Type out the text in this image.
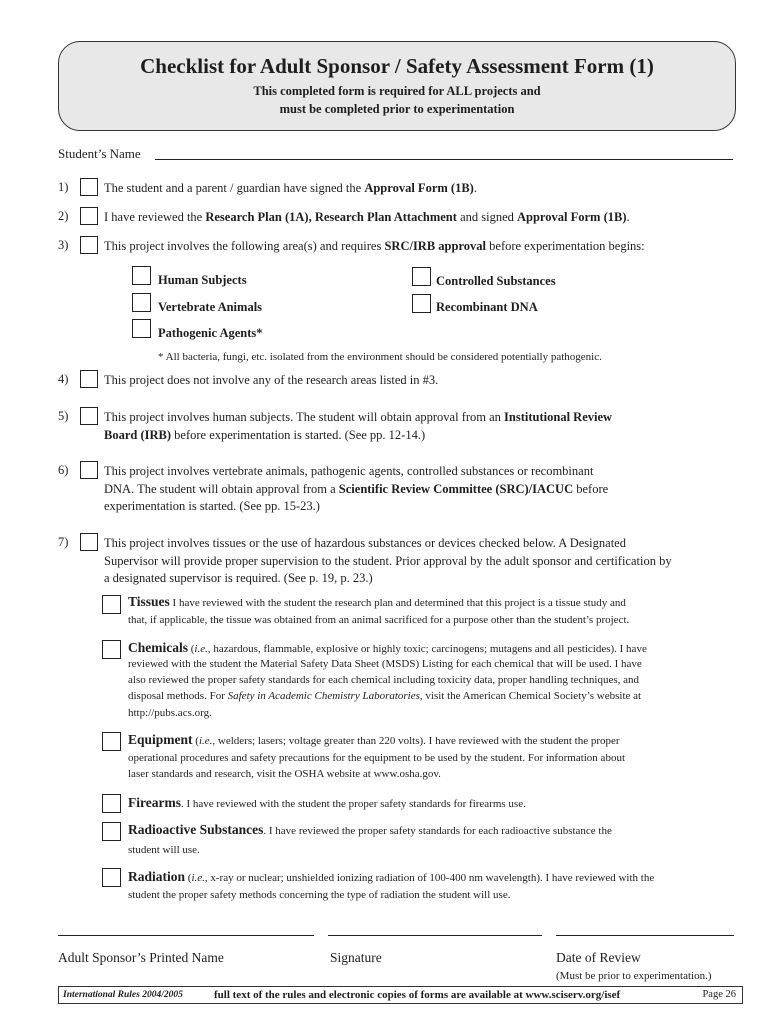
Checklist for Adult Sponsor / Safety Assessment Form (1)
This completed form is required for ALL projects and
must be completed prior to experimentation
Student’s Name
1)	The student and a parent / guardian have signed the Approval Form (1B).
2)	I have reviewed the Research Plan (1A), Research Plan Attachment and signed Approval Form (1B).
3)	This project involves the following area(s) and requires SRC/IRB approval before experimentation begins:
Human Subjects
Vertebrate Animals
Pathogenic Agents*
Controlled Substances
Recombinant DNA
* All bacteria, fungi, etc. isolated from the environment should be considered potentially pathogenic.
4)	This project does not involve any of the research areas listed in #3.
5)	This project involves human subjects. The student will obtain approval from an Institutional Review
Board (IRB) before experimentation is started. (See pp. 12-14.)
6)	This project involves vertebrate animals, pathogenic agents, controlled substances or recombinant
DNA. The student will obtain approval from a Scientific Review Committee (SRC)/IACUC before
experimentation is started. (See pp. 15-23.)
7)	This project involves tissues or the use of hazardous substances or devices checked below. A Designated
Supervisor will provide proper supervision to the student. Prior approval by the adult sponsor and certification by
a designated supervisor is required. (See p. 19, p. 23.)
Tissues I have reviewed with the student the research plan and determined that this project is a tissue study and
that, if applicable, the tissue was obtained from an animal sacrificed for a purpose other than the student’s project.
Chemicals (i.e., hazardous, flammable, explosive or highly toxic; carcinogens; mutagens and all pesticides). I have
reviewed with the student the Material Safety Data Sheet (MSDS) Listing for each chemical that will be used. I have
also reviewed the proper safety standards for each chemical including toxicity data, proper handling techniques, and
disposal methods. For Safety in Academic Chemistry Laboratories, visit the American Chemical Society’s website at
http://pubs.acs.org.
Equipment (i.e., welders; lasers; voltage greater than 220 volts). I have reviewed with the student the proper
operational procedures and safety precautions for the equipment to be used by the student. For information about
laser standards and research, visit the OSHA website at www.osha.gov.
Firearms. I have reviewed with the student the proper safety standards for firearms use.
Radioactive Substances. I have reviewed the proper safety standards for each radioactive substance the
student will use.
Radiation (i.e., x-ray or nuclear; unshielded ionizing radiation of 100-400 nm wavelength). I have reviewed with the
student the proper safety methods concerning the type of radiation the student will use.
Adult Sponsor’s Printed Name	Signature	Date of Review
(Must be prior to experimentation.)
International Rules 2004/2005	full text of the rules and electronic copies of forms are available at www.sciserv.org/isef	Page 26
